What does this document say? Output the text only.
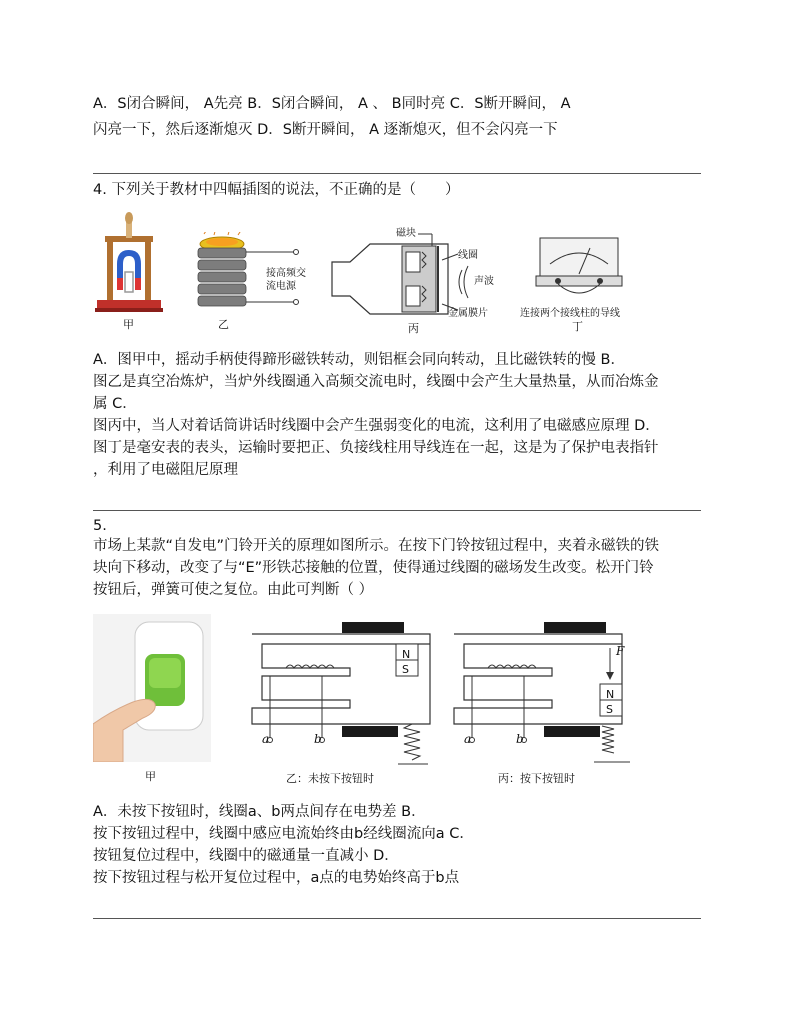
A．S闭合瞬间， A先亮 B．S闭合瞬间， A 、 B同时亮 C．S断开瞬间， A
闪亮一下，然后逐渐熄灭 D．S断开瞬间， A 逐渐熄灭，但不会闪亮一下
4. 下列关于教材中四幅插图的说法，不正确的是（　　）
甲
接高频交
流电源
乙
磁块
线圈
声波
金属膜片
丙
连接两个接线柱的导线
丁
A．图甲中，摇动手柄使得蹄形磁铁转动，则铝框会同向转动，且比磁铁转的慢 B．
图乙是真空冶炼炉，当炉外线圈通入高频交流电时，线圈中会产生大量热量，从而冶炼金
属 C．
图丙中，当人对着话筒讲话时线圈中会产生强弱变化的电流，这利用了电磁感应原理 D．
图丁是毫安表的表头，运输时要把正、负接线柱用导线连在一起，这是为了保护电表指针
，利用了电磁阻尼原理
5.
市场上某款“自发电”门铃开关的原理如图所示。在按下门铃按钮过程中，夹着永磁铁的铁
块向下移动，改变了与“E”形铁芯接触的位置，使得通过线圈的磁场发生改变。松开门铃
按钮后，弹簧可使之复位。由此可判断（ ）
甲
a	b
N
S
乙：未按下按钮时
F
a	b
N
S
丙：按下按钮时
A．未按下按钮时，线圈a、b两点间存在电势差 B．
按下按钮过程中，线圈中感应电流始终由b经线圈流向a C．
按钮复位过程中，线圈中的磁通量一直减小 D．
按下按钮过程与松开复位过程中，a点的电势始终高于b点
